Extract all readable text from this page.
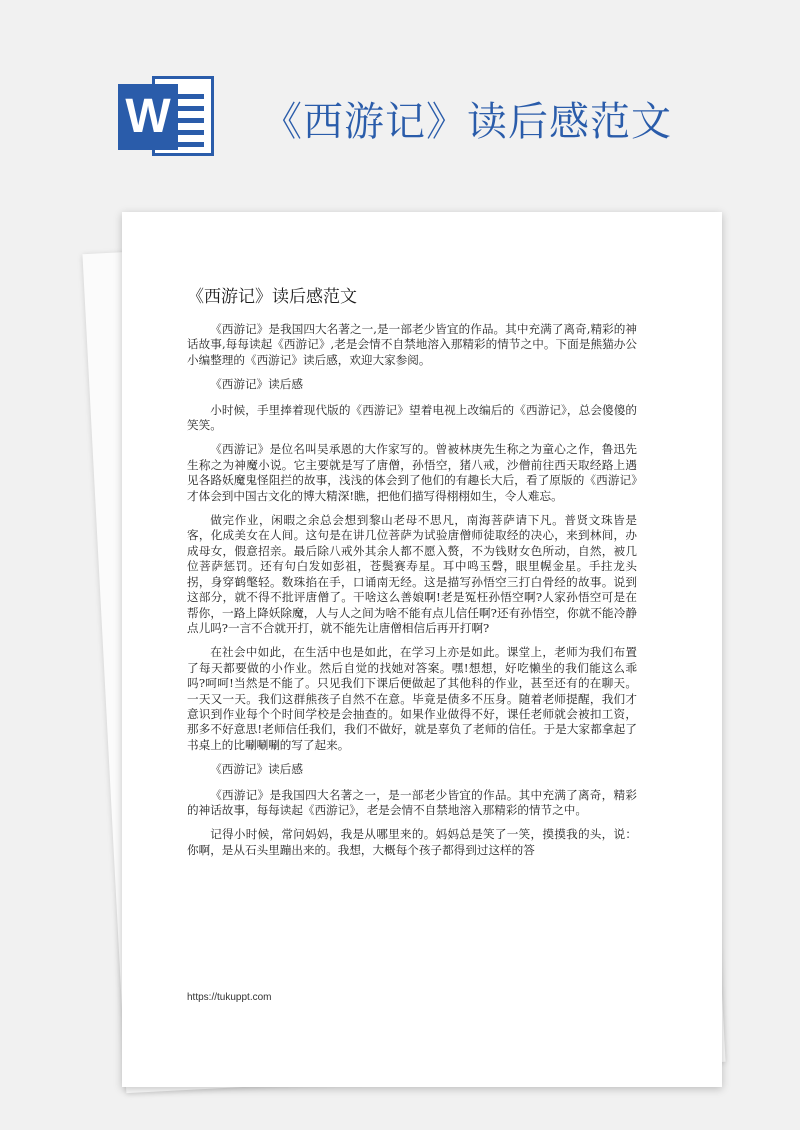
W 《西游记》读后感范文
《西游记》读后感范文

《西游记》是我国四大名著之一,是一部老少皆宜的作品。其中充满了离奇,精彩的神话故事,每每读起《西游记》,老是会情不自禁地溶入那精彩的情节之中。下面是熊猫办公小编整理的《西游记》读后感，欢迎大家参阅。

《西游记》读后感

小时候，手里捧着现代版的《西游记》望着电视上改编后的《西游记》，总会傻傻的笑笑。

《西游记》是位名叫吴承恩的大作家写的。曾被林庚先生称之为童心之作，鲁迅先生称之为神魔小说。它主要就是写了唐僧，孙悟空，猪八戒，沙僧前往西天取经路上遇见各路妖魔鬼怪阻拦的故事，浅浅的体会到了他们的有趣长大后，看了原版的《西游记》才体会到中国古文化的博大精深!瞧，把他们描写得栩栩如生，令人难忘。

做完作业，闲暇之余总会想到黎山老母不思凡，南海菩萨请下凡。普贤文珠皆是客，化成美女在人间。这句是在讲几位菩萨为试验唐僧师徒取经的决心，来到林间，办成母女，假意招亲。最后除八戒外其余人都不愿入赘，不为钱财女色所动，自然，被几位菩萨惩罚。还有句白发如彭祖，苍鬓赛寿星。耳中鸣玉磬，眼里幌金星。手拄龙头拐，身穿鹤氅轻。数珠掐在手，口诵南无经。这是描写孙悟空三打白骨经的故事。说到这部分，就不得不批评唐僧了。干啥这么善娘啊!老是冤枉孙悟空啊?人家孙悟空可是在帮你，一路上降妖除魔，人与人之间为啥不能有点儿信任啊?还有孙悟空，你就不能冷静点儿吗?一言不合就开打，就不能先让唐僧相信后再开打啊?

在社会中如此，在生活中也是如此，在学习上亦是如此。课堂上，老师为我们布置了每天都要做的小作业。然后自觉的找她对答案。嘿!想想，好吃懒坐的我们能这么乖吗?呵呵!当然是不能了。只见我们下课后便做起了其他科的作业，甚至还有的在聊天。一天又一天。我们这群熊孩子自然不在意。毕竟是债多不压身。随着老师提醒，我们才意识到作业每个个时间学校是会抽查的。如果作业做得不好，课任老师就会被扣工资，那多不好意思!老师信任我们，我们不做好，就是辜负了老师的信任。于是大家都拿起了书桌上的比唰唰唰的写了起来。

《西游记》读后感

《西游记》是我国四大名著之一，是一部老少皆宜的作品。其中充满了离奇，精彩的神话故事，每每读起《西游记》，老是会情不自禁地溶入那精彩的情节之中。

记得小时候，常问妈妈，我是从哪里来的。妈妈总是笑了一笑，摸摸我的头，说：你啊，是从石头里蹦出来的。我想，大概每个孩子都得到过这样的答

https://tukuppt.com
